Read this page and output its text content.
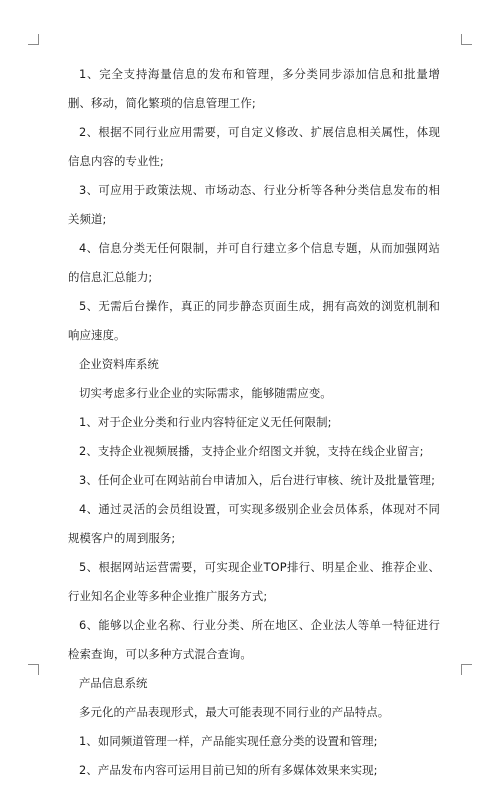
1、完全支持海量信息的发布和管理，多分类同步添加信息和批量增删、移动，简化繁琐的信息管理工作;

2、根据不同行业应用需要，可自定义修改、扩展信息相关属性，体现信息内容的专业性;

3、可应用于政策法规、市场动态、行业分析等各种分类信息发布的相关频道;

4、信息分类无任何限制，并可自行建立多个信息专题，从而加强网站的信息汇总能力;

5、无需后台操作，真正的同步静态页面生成，拥有高效的浏览机制和响应速度。

企业资料库系统

切实考虑多行业企业的实际需求，能够随需应变。

1、对于企业分类和行业内容特征定义无任何限制;

2、支持企业视频展播，支持企业介绍图文并貌，支持在线企业留言;

3、任何企业可在网站前台申请加入，后台进行审核、统计及批量管理;

4、通过灵活的会员组设置，可实现多级别企业会员体系，体现对不同规模客户的周到服务;

5、根据网站运营需要，可实现企业TOP排行、明星企业、推荐企业、行业知名企业等多种企业推广服务方式;

6、能够以企业名称、行业分类、所在地区、企业法人等单一特征进行检索查询，可以多种方式混合查询。

产品信息系统

多元化的产品表现形式，最大可能表现不同行业的产品特点。

1、如同频道管理一样，产品能实现任意分类的设置和管理;

2、产品发布内容可运用目前已知的所有多媒体效果来实现;
